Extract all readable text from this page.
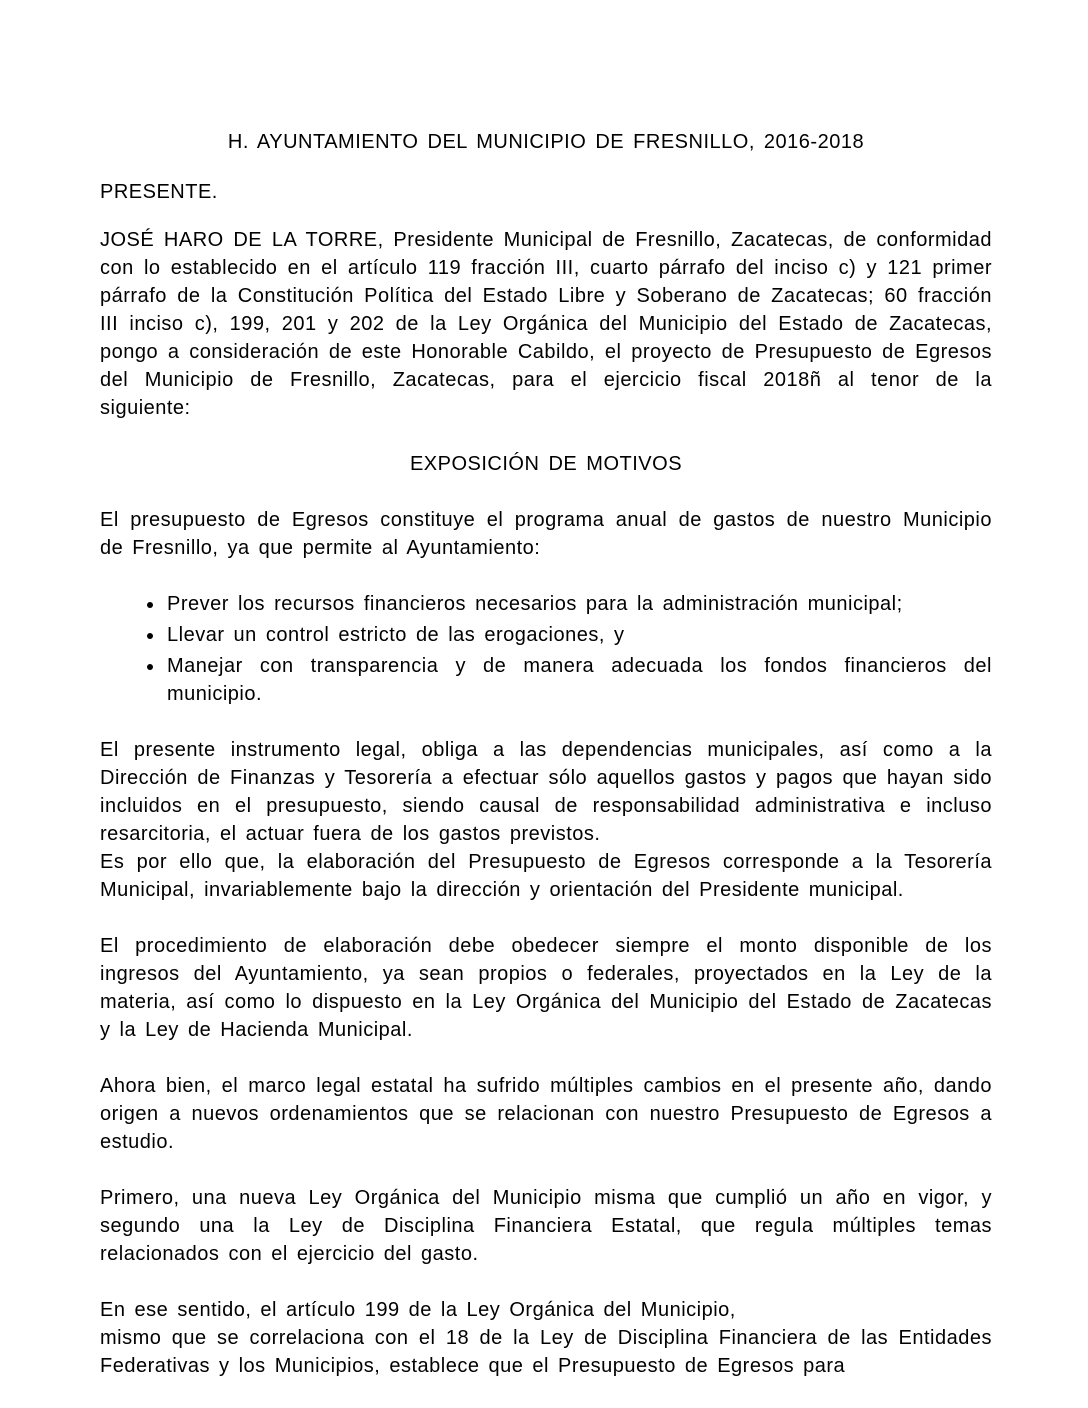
H. AYUNTAMIENTO DEL MUNICIPIO DE FRESNILLO, 2016-2018

PRESENTE.

JOSÉ HARO DE LA TORRE, Presidente Municipal de Fresnillo, Zacatecas, de conformidad con lo establecido en el artículo 119 fracción III, cuarto párrafo del inciso c) y 121 primer párrafo de la Constitución Política del Estado Libre y Soberano de Zacatecas; 60 fracción III inciso c), 199, 201 y 202 de la Ley Orgánica del Municipio del Estado de Zacatecas, pongo a consideración de este Honorable Cabildo, el proyecto de Presupuesto de Egresos del Municipio de Fresnillo, Zacatecas, para el ejercicio fiscal 2018ñ al tenor de la siguiente:

EXPOSICIÓN DE MOTIVOS

El presupuesto de Egresos constituye el programa anual de gastos de nuestro Municipio de Fresnillo, ya que permite al Ayuntamiento:

• Prever los recursos financieros necesarios para la administración municipal;
• Llevar un control estricto de las erogaciones, y
• Manejar con transparencia y de manera adecuada los fondos financieros del municipio.

El presente instrumento legal, obliga a las dependencias municipales, así como a la Dirección de Finanzas y Tesorería a efectuar sólo aquellos gastos y pagos que hayan sido incluidos en el presupuesto, siendo causal de responsabilidad administrativa e incluso resarcitoria, el actuar fuera de los gastos previstos.

Es por ello que, la elaboración del Presupuesto de Egresos corresponde a la Tesorería Municipal, invariablemente bajo la dirección y orientación del Presidente municipal.

El procedimiento de elaboración debe obedecer siempre el monto disponible de los ingresos del Ayuntamiento, ya sean propios o federales, proyectados en la Ley de la materia, así como lo dispuesto en la Ley Orgánica del Municipio del Estado de Zacatecas y la Ley de Hacienda Municipal.

Ahora bien, el marco legal estatal ha sufrido múltiples cambios en el presente año, dando origen a nuevos ordenamientos que se relacionan con nuestro Presupuesto de Egresos a estudio.

Primero, una nueva Ley Orgánica del Municipio misma que cumplió un año en vigor, y segundo una la Ley de Disciplina Financiera Estatal, que regula múltiples temas relacionados con el ejercicio del gasto.

En ese sentido, el artículo 199 de la Ley Orgánica del Municipio,

mismo que se correlaciona con el 18 de la Ley de Disciplina Financiera de las Entidades Federativas y los Municipios, establece que el Presupuesto de Egresos para
